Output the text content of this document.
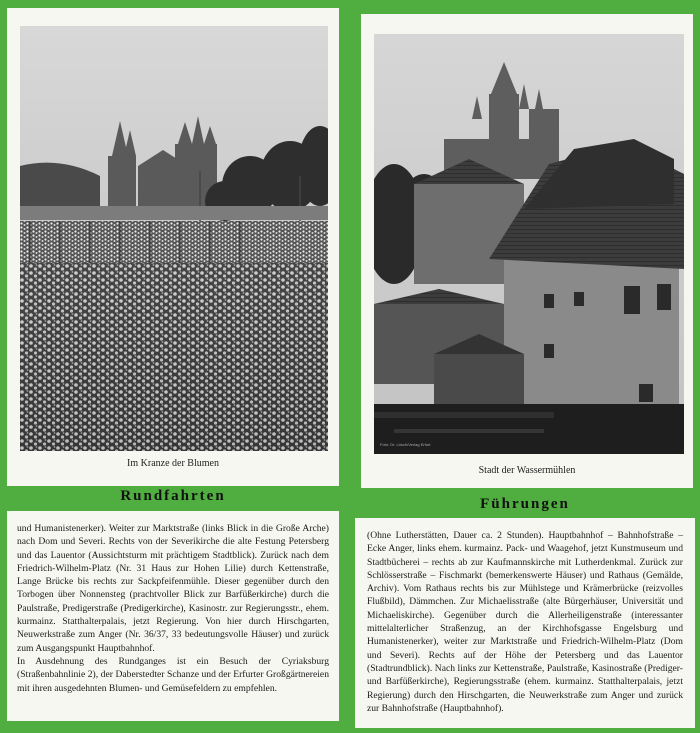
Im Kranze der Blumen
Foto: Dr. Lösch/Verlag Erfurt
Stadt der Wassermühlen
Rundfahrten

und Humanistenerker). Weiter zur Marktstraße (links Blick in die Große Arche) nach Dom und Severi. Rechts von der Severikirche die alte Festung Petersberg und das Lauentor (Aussichtsturm mit prächtigem Stadtblick). Zurück nach dem Friedrich-Wilhelm-Platz (Nr. 31 Haus zur Hohen Lilie) durch Kettenstraße, Lange Brücke bis rechts zur Sackpfeifenmühle. Dieser gegenüber durch den Torbogen über Nonnensteg (prachtvoller Blick zur Barfüßerkirche) durch die Paulstraße, Predigerstraße (Predigerkirche), Kasinostr. zur Regierungsstr., ehem. kurmainz. Statthalterpalais, jetzt Regierung. Von hier durch Hirschgarten, Neuwerkstraße zum Anger (Nr. 36/37, 33 bedeutungsvolle Häuser) und zurück zum Ausgangspunkt Hauptbahnhof.

In Ausdehnung des Rundganges ist ein Besuch der Cyriaksburg (Straßenbahnlinie 2), der Daberstedter Schanze und der Erfurter Großgärtnereien mit ihren ausgedehnten Blumen- und Gemüsefeldern zu empfehlen.

Führungen

(Ohne Lutherstätten, Dauer ca. 2 Stunden). Hauptbahnhof – Bahnhofstraße – Ecke Anger, links ehem. kurmainz. Pack- und Waagehof, jetzt Kunstmuseum und Stadtbücherei – rechts ab zur Kaufmannskirche mit Lutherdenkmal. Zurück zur Schlösserstraße – Fischmarkt (bemerkenswerte Häuser) und Rathaus (Gemälde, Archiv). Vom Rathaus rechts bis zur Mühlstege und Krämerbrücke (reizvolles Flußbild), Dämmchen. Zur Michaelisstraße (alte Bürgerhäuser, Universität und Michaeliskirche). Gegenüber durch die Allerheiligenstraße (interessanter mittelalterlicher Straßenzug, an der Kirchhofsgasse Engelsburg und Humanistenerker), weiter zur Marktstraße und Friedrich-Wilhelm-Platz (Dom und Severi). Rechts auf der Höhe der Petersberg und das Lauentor (Stadtrundblick). Nach links zur Kettenstraße, Paulstraße, Kasinostraße (Prediger- und Barfüßerkirche), Regierungsstraße (ehem. kurmainz. Statthalterpalais, jetzt Regierung) durch den Hirschgarten, die Neuwerkstraße zum Anger und zurück zur Bahnhofstraße (Hauptbahnhof).
